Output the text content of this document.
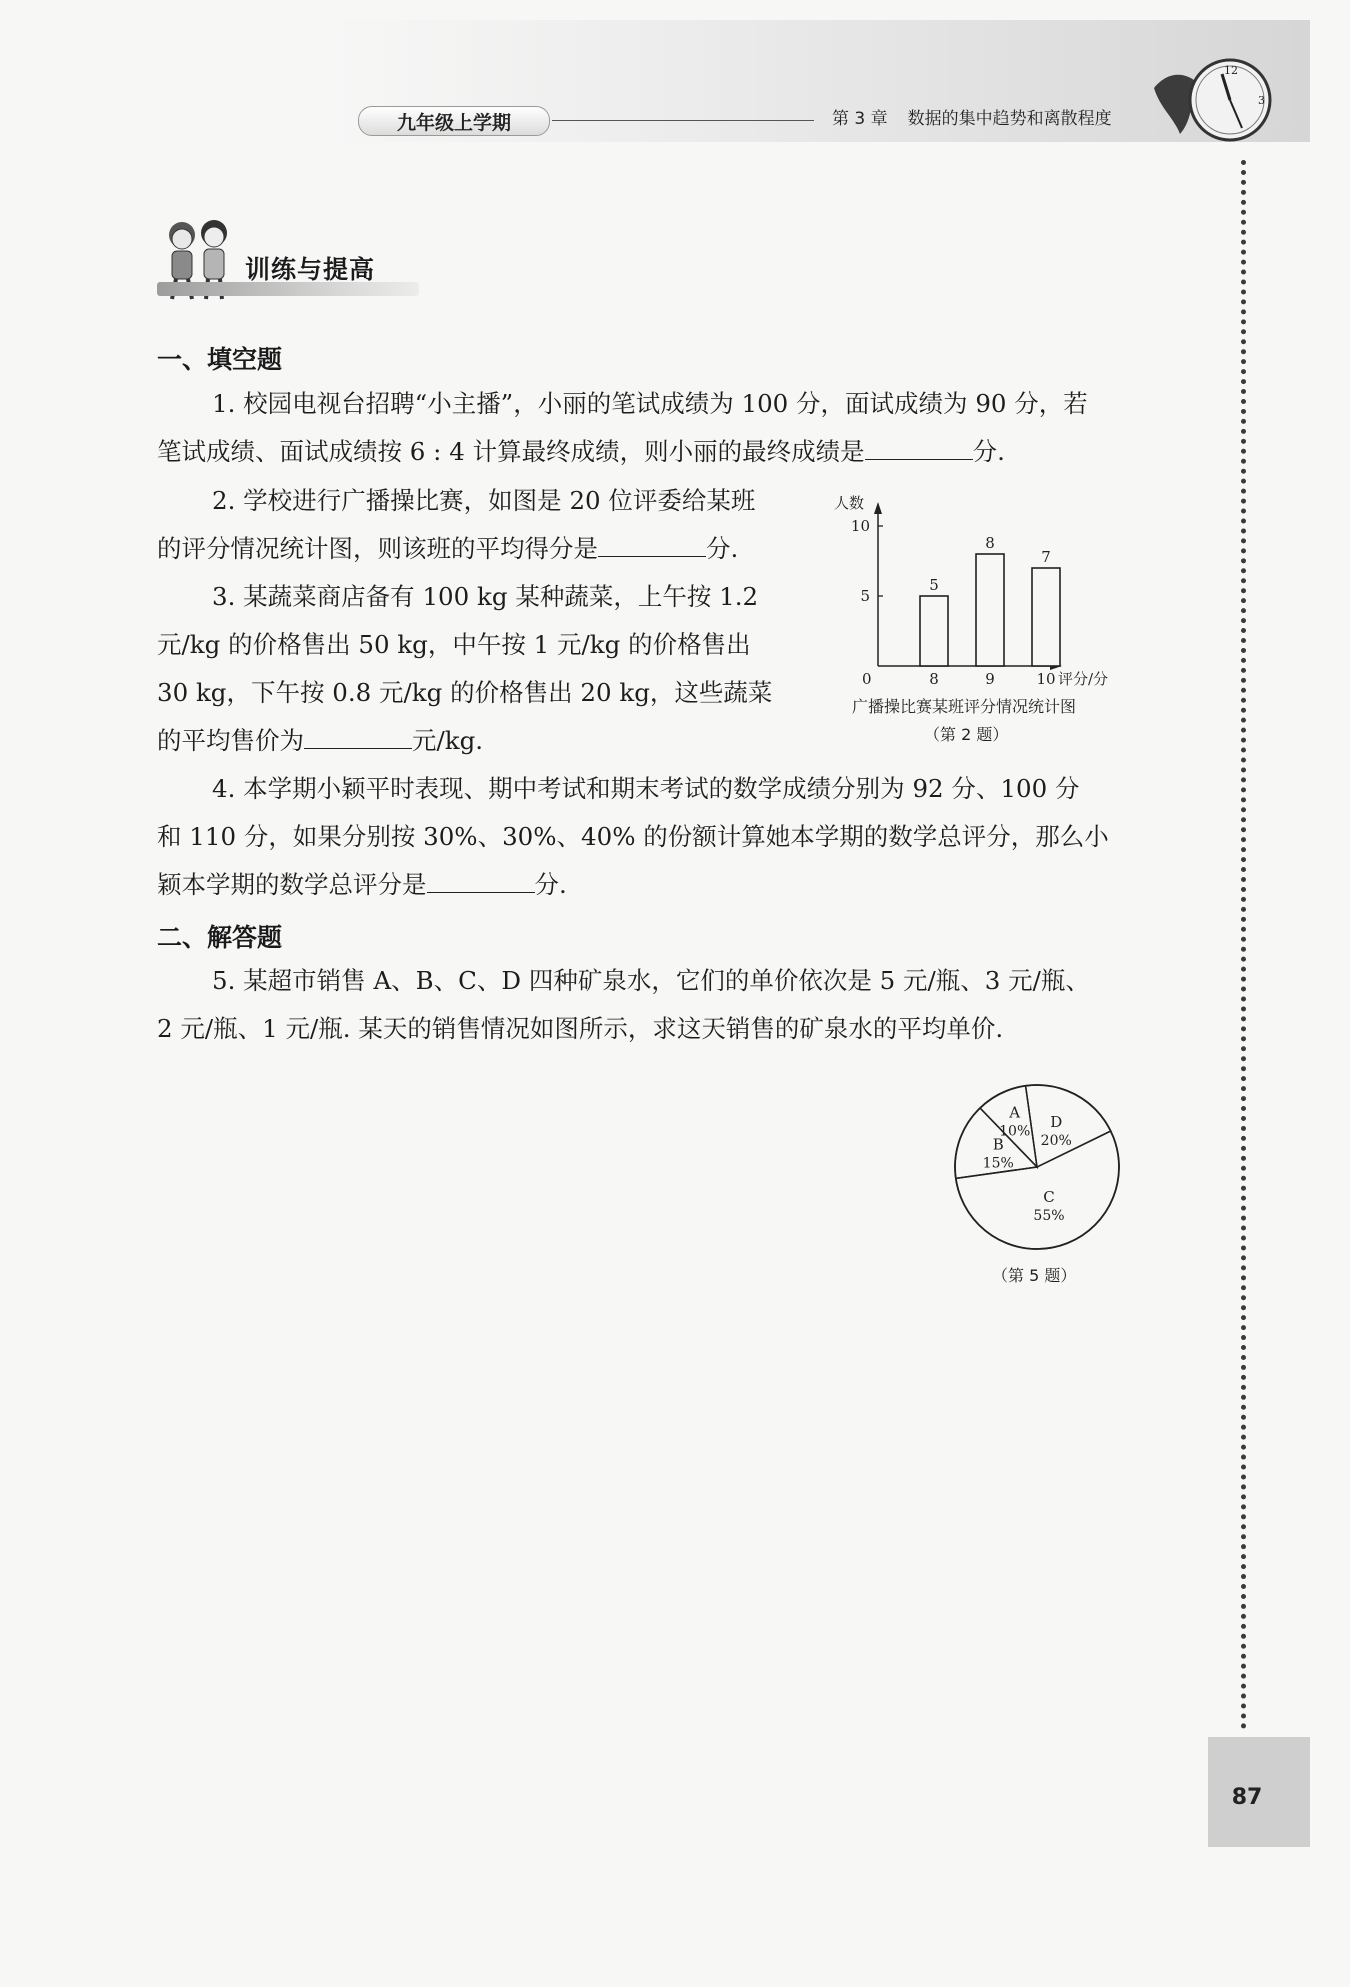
九年级上学期	第 3 章 数据的集中趋势和离散程度
12
3
87
训练与提高
一、填空题
1. 校园电视台招聘“小主播”，小丽的笔试成绩为 100 分，面试成绩为 90 分，若
笔试成绩、面试成绩按 6 : 4 计算最终成绩，则小丽的最终成绩是	分.
2. 学校进行广播操比赛，如图是 20 位评委给某班
的评分情况统计图，则该班的平均得分是	分.
3. 某蔬菜商店备有 100 kg 某种蔬菜，上午按 1.2
元/kg 的价格售出 50 kg，中午按 1 元/kg 的价格售出
30 kg，下午按 0.8 元/kg 的价格售出 20 kg，这些蔬菜
的平均售价为	元/kg.
4. 本学期小颖平时表现、期中考试和期末考试的数学成绩分别为 92 分、100 分
和 110 分，如果分别按 30%、30%、40% 的份额计算她本学期的数学总评分，那么小
颖本学期的数学总评分是	分.
二、解答题
5. 某超市销售 A、B、C、D 四种矿泉水，它们的单价依次是 5 元/瓶、3 元/瓶、
2 元/瓶、1 元/瓶. 某天的销售情况如图所示，求这天销售的矿泉水的平均单价.
人数
评分/分
0
5
10
5
8
8
9
7
10
广播操比赛某班评分情况统计图
（第 2 题）
D
20%
C
55%
B
15%
A
10%
（第 5 题）
